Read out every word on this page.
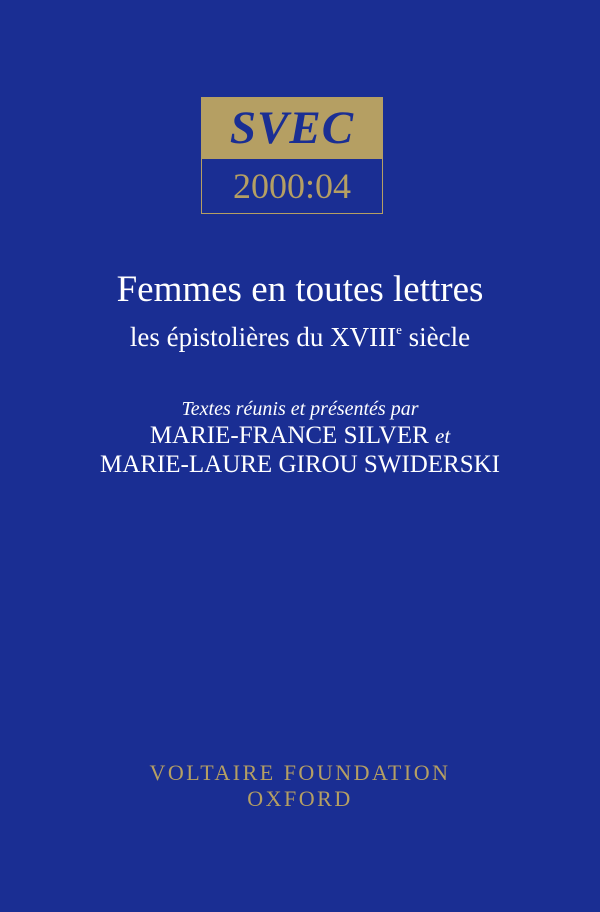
SVEC
2000:04
Femmes en toutes lettres
les épistolières du XVIIIe siècle
Textes réunis et présentés par
MARIE-FRANCE SILVER et
MARIE-LAURE GIROU SWIDERSKI
VOLTAIRE FOUNDATION
OXFORD
